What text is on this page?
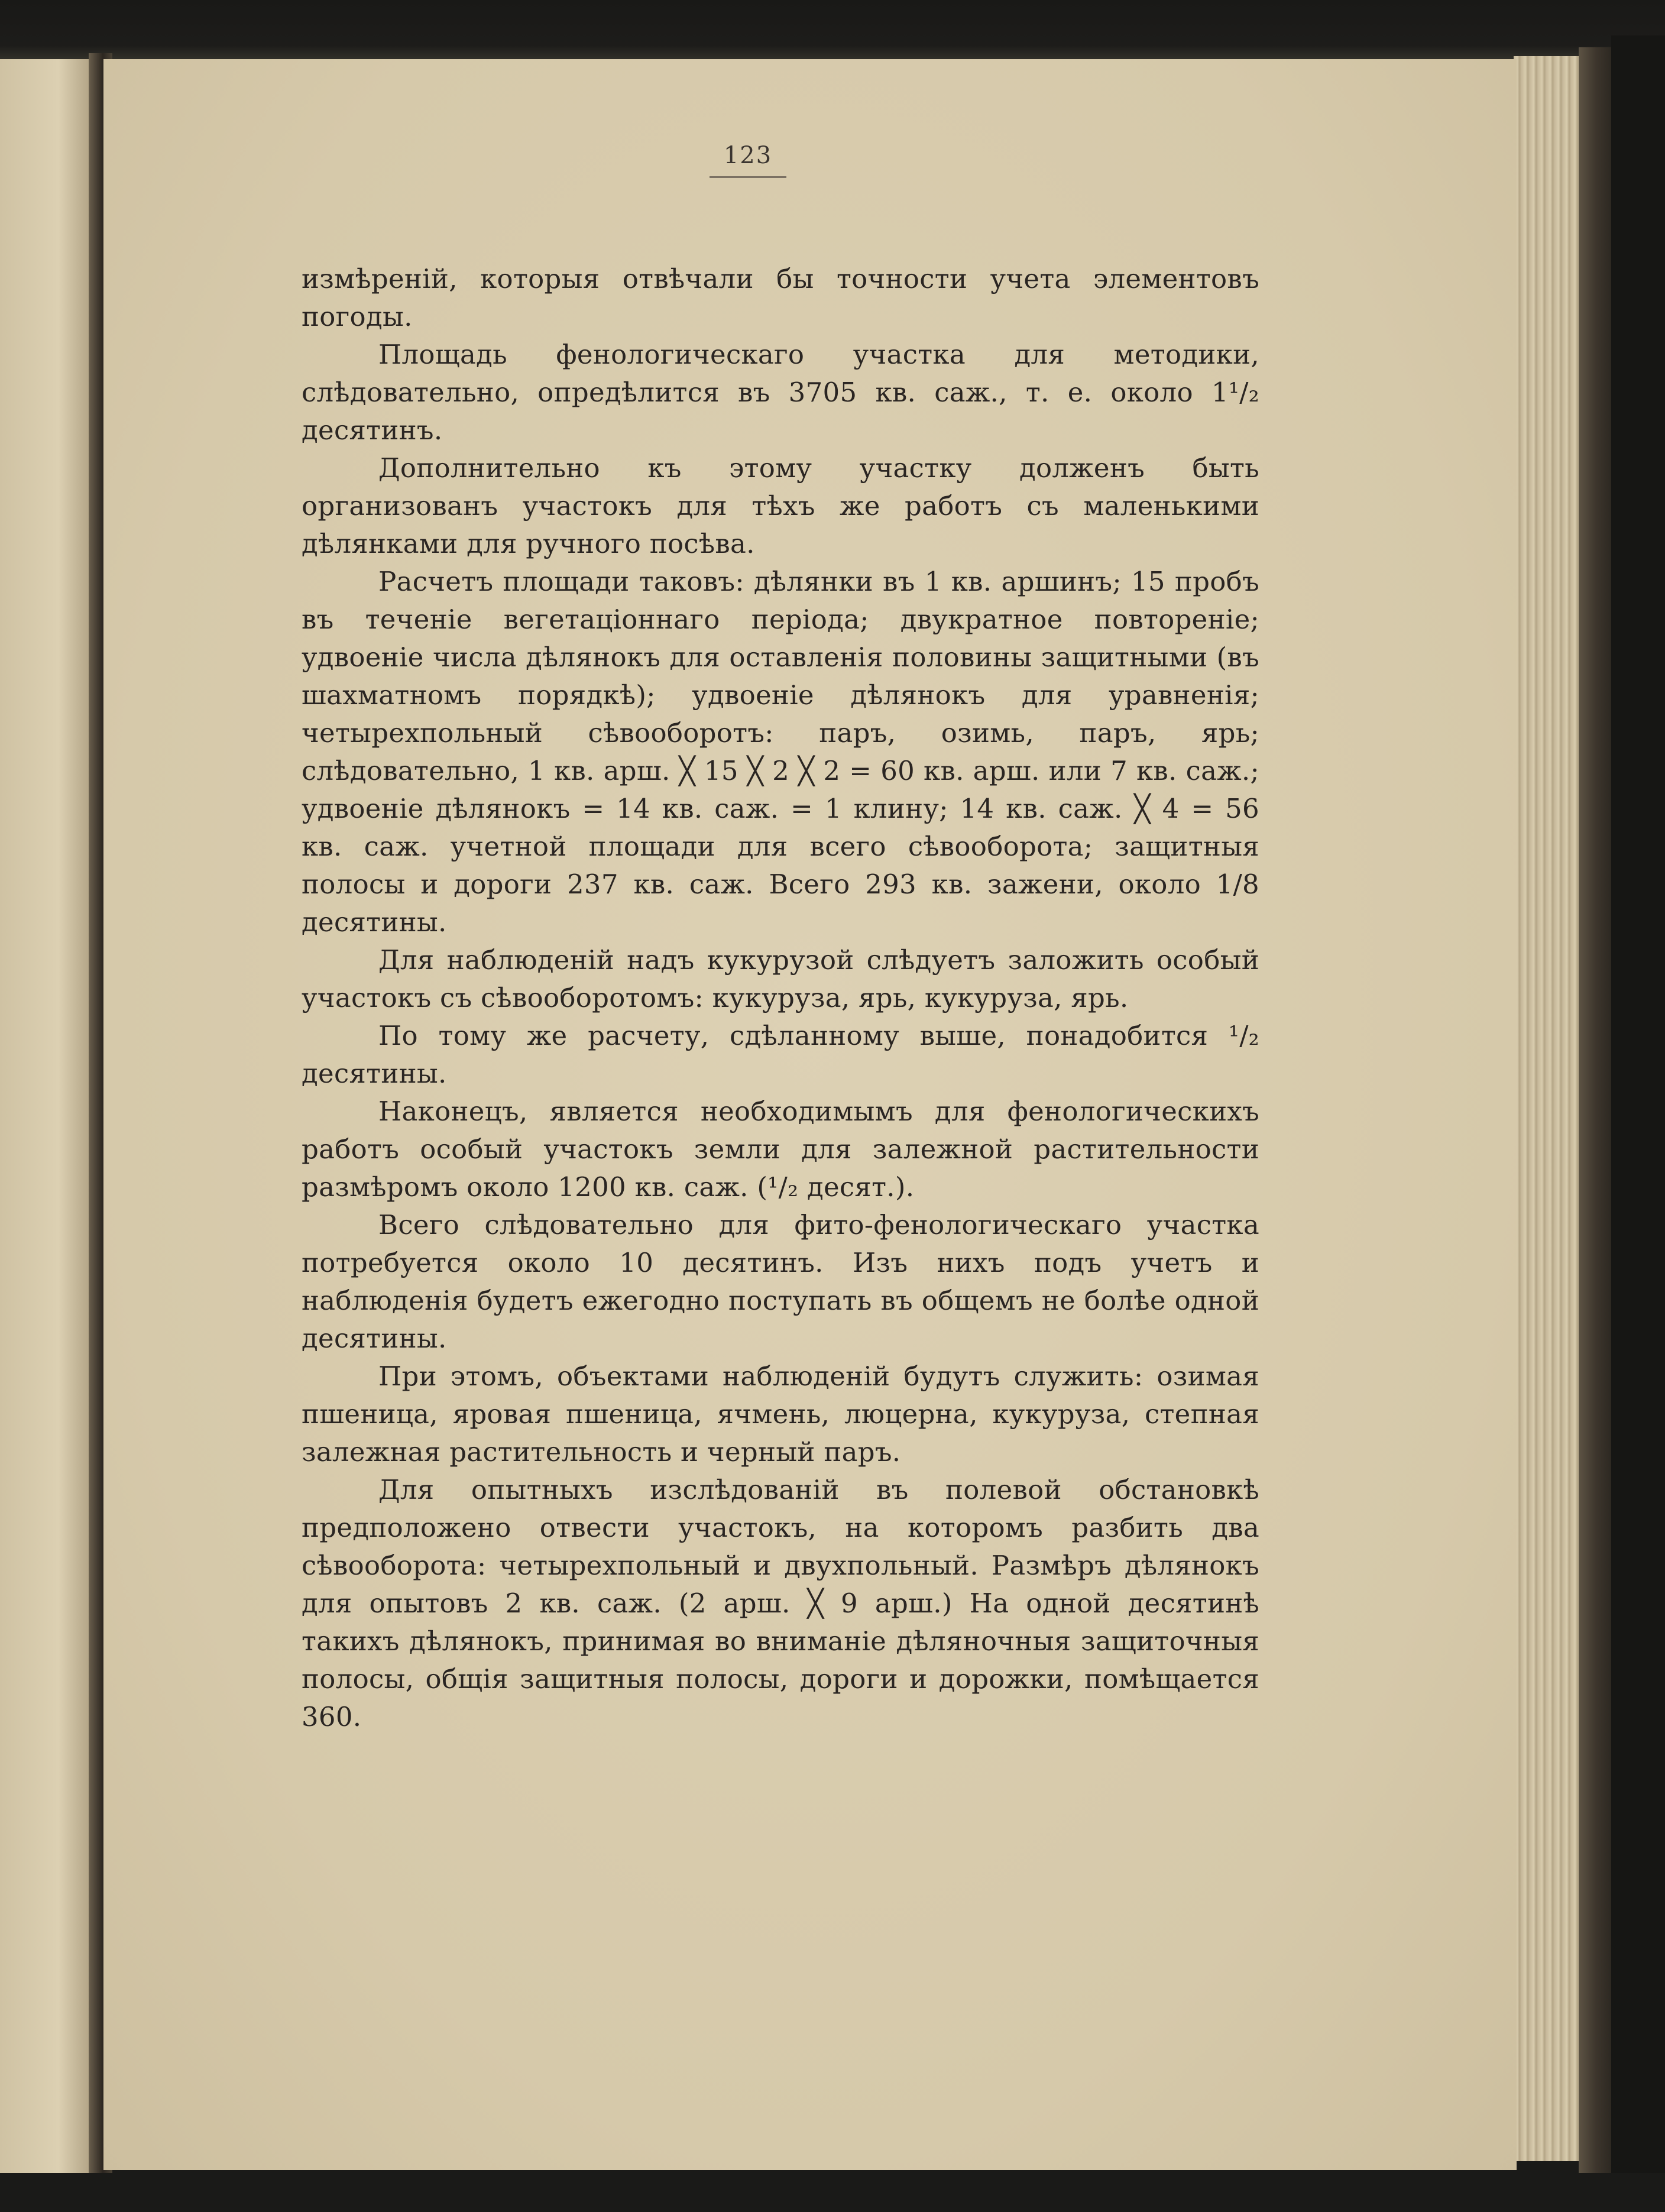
123

измѣреній, которыя отвѣчали бы точности учета элементовъ погоды.

Площадь фенологическаго участка для методики, слѣдовательно, опредѣлится въ 3705 кв. саж., т. е. около 1¹/₂ десятинъ.

Дополнительно къ этому участку долженъ быть организованъ участокъ для тѣхъ же работъ съ маленькими дѣлянками для ручного посѣва.

Расчетъ площади таковъ: дѣлянки въ 1 кв. аршинъ; 15 пробъ въ теченіе вегетаціоннаго періода; двукратное повтореніе; удвоеніе числа дѣлянокъ для оставленія половины защитными (въ шахматномъ порядкѣ); удвоеніе дѣлянокъ для уравненія; четырехпольный сѣвооборотъ: паръ, озимь, паръ, ярь; слѣдовательно, 1 кв. арш. ╳ 15 ╳ 2 ╳ 2 = 60 кв. арш. или 7 кв. саж.; удвоеніе дѣлянокъ = 14 кв. саж. = 1 клину; 14 кв. саж. ╳ 4 = 56 кв. саж. учетной площади для всего сѣвооборота; защитныя полосы и дороги 237 кв. саж. Всего 293 кв. зажени, около 1/8 десятины.

Для наблюденій надъ кукурузой слѣдуетъ заложить особый участокъ съ сѣвооборотомъ: кукуруза, ярь, кукуруза, ярь.

По тому же расчету, сдѣланному выше, понадобится ¹/₂ десятины.

Наконецъ, является необходимымъ для фенологическихъ работъ особый участокъ земли для залежной растительности размѣромъ около 1200 кв. саж. (¹/₂ десят.).

Всего слѣдовательно для фито-фенологическаго участка потребуется около 10 десятинъ. Изъ нихъ подъ учетъ и наблюденія будетъ ежегодно поступать въ общемъ не болѣе одной десятины.

При этомъ, объектами наблюденій будутъ служить: озимая пшеница, яровая пшеница, ячмень, люцерна, кукуруза, степная залежная растительность и черный паръ.

Для опытныхъ изслѣдованій въ полевой обстановкѣ предположено отвести участокъ, на которомъ разбить два сѣвооборота: четырехпольный и двухпольный. Размѣръ дѣлянокъ для опытовъ 2 кв. саж. (2 арш. ╳ 9 арш.) На одной десятинѣ такихъ дѣлянокъ, принимая во вниманіе дѣляночныя защиточныя полосы, общія защитныя полосы, дороги и дорожки, помѣщается 360.
